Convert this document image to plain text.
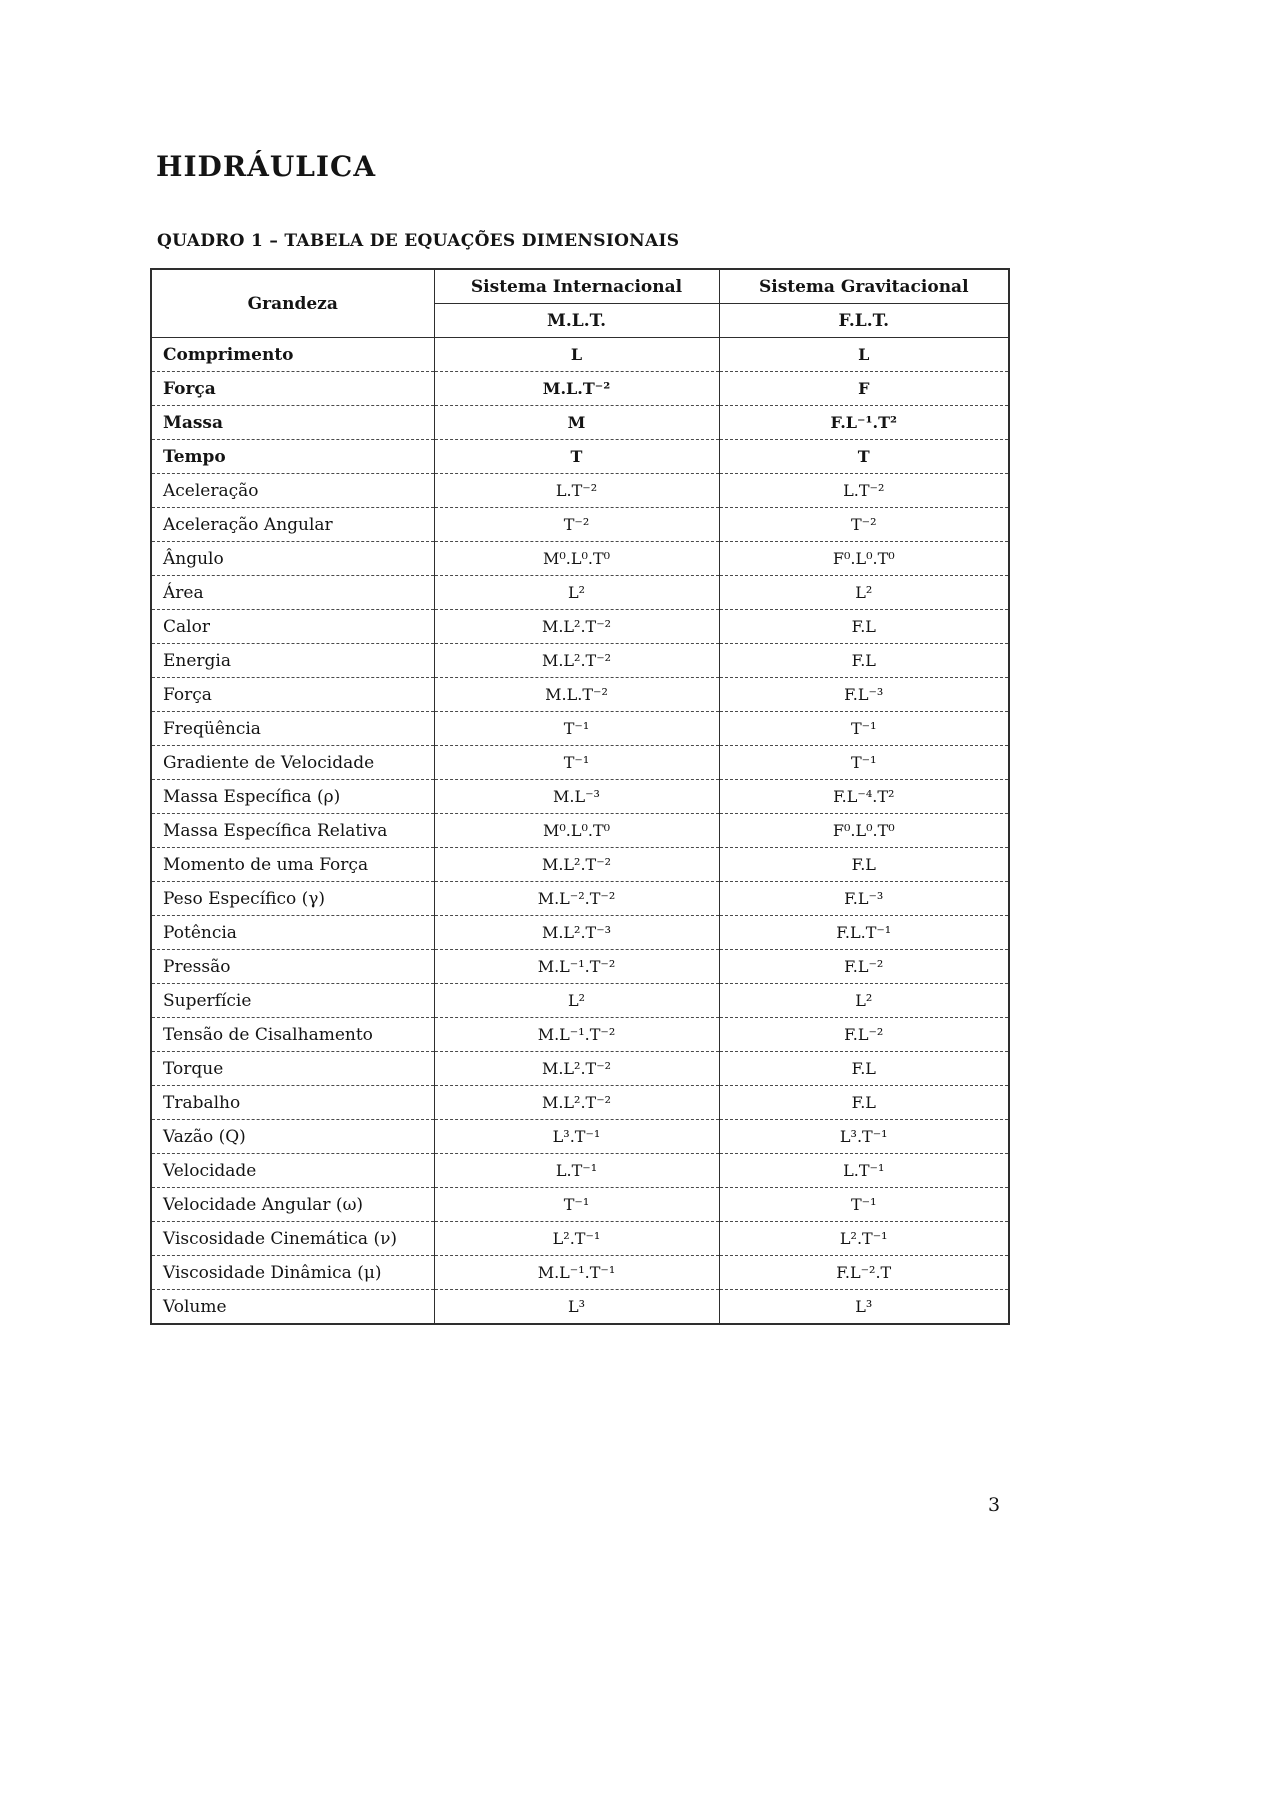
HIDRÁULICA
QUADRO 1 – TABELA DE EQUAÇÕES DIMENSIONAIS
Grandeza	Sistema Internacional	Sistema Gravitacional
	M.L.T.	F.L.T.
Comprimento	L	L
Força	M.L.T⁻²	F
Massa	M	F.L⁻¹.T²
Tempo	T	T
Aceleração	L.T⁻²	L.T⁻²
Aceleração Angular	T⁻²	T⁻²
Ângulo	M⁰.L⁰.T⁰	F⁰.L⁰.T⁰
Área	L²	L²
Calor	M.L².T⁻²	F.L
Energia	M.L².T⁻²	F.L
Força	M.L.T⁻²	F.L⁻³
Freqüência	T⁻¹	T⁻¹
Gradiente de Velocidade	T⁻¹	T⁻¹
Massa Específica (ρ)	M.L⁻³	F.L⁻⁴.T²
Massa Específica Relativa	M⁰.L⁰.T⁰	F⁰.L⁰.T⁰
Momento de uma Força	M.L².T⁻²	F.L
Peso Específico (γ)	M.L⁻².T⁻²	F.L⁻³
Potência	M.L².T⁻³	F.L.T⁻¹
Pressão	M.L⁻¹.T⁻²	F.L⁻²
Superfície	L²	L²
Tensão de Cisalhamento	M.L⁻¹.T⁻²	F.L⁻²
Torque	M.L².T⁻²	F.L
Trabalho	M.L².T⁻²	F.L
Vazão (Q)	L³.T⁻¹	L³.T⁻¹
Velocidade	L.T⁻¹	L.T⁻¹
Velocidade Angular (ω)	T⁻¹	T⁻¹
Viscosidade Cinemática (ν)	L².T⁻¹	L².T⁻¹
Viscosidade Dinâmica (μ)	M.L⁻¹.T⁻¹	F.L⁻².T
Volume	L³	L³
3
